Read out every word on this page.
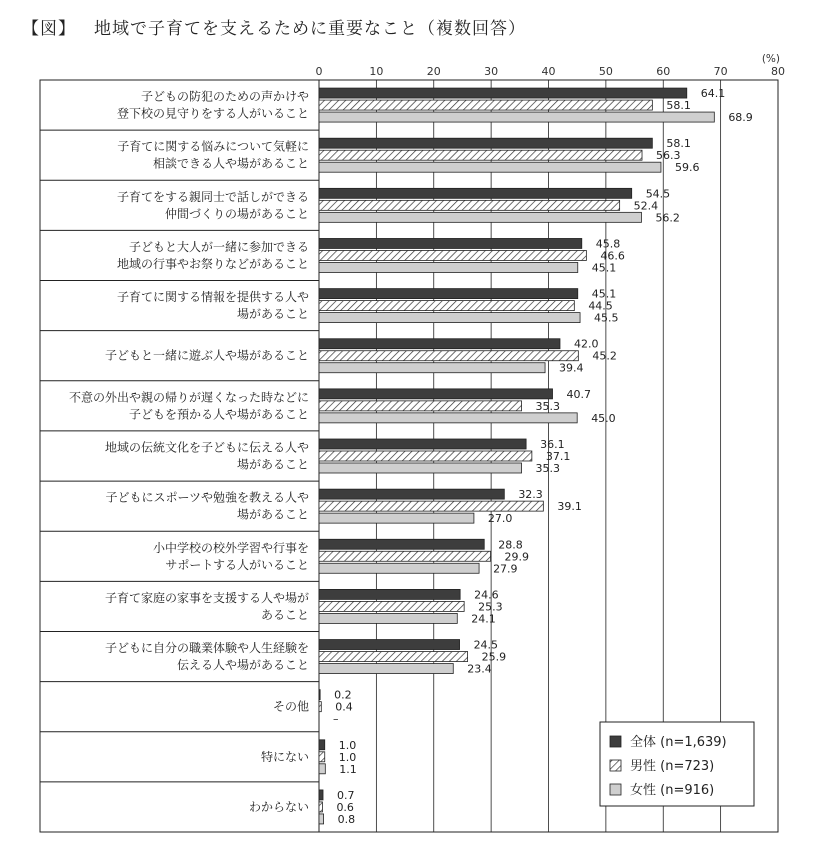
【図】 地域で子育てを支えるために重要なこと（複数回答）
0	10	20	30	40	50	60	70	80
(%)
子どもの防犯のための声かけや
登下校の見守りをする人がいること
子育てに関する悩みについて気軽に
相談できる人や場があること
子育てをする親同士で話しができる
仲間づくりの場があること
子どもと大人が一緒に参加できる
地域の行事やお祭りなどがあること
子育てに関する情報を提供する人や
場があること
子どもと一緒に遊ぶ人や場があること
不意の外出や親の帰りが遅くなった時などに
子どもを預かる人や場があること
地域の伝統文化を子どもに伝える人や
場があること
子どもにスポーツや勉強を教える人や
場があること
小中学校の校外学習や行事を
サポートする人がいること
子育て家庭の家事を支援する人や場が
あること
子どもに自分の職業体験や人生経験を
伝える人や場があること
その他
特にない
わからない
64.1
58.1
68.9
58.1
56.3
59.6
54.5
52.4
56.2
45.8
46.6
45.1
45.1
44.5
45.5
42.0
45.2
39.4
40.7
35.3
45.0
36.1
37.1
35.3
32.3
39.1
27.0
28.8
29.9
27.9
24.6
25.3
24.1
24.5
25.9
23.4
0.2
0.4
–
1.0
1.0
1.1
0.7
0.6
0.8
全体 (n=1,639)
男性 (n=723)
女性 (n=916)
